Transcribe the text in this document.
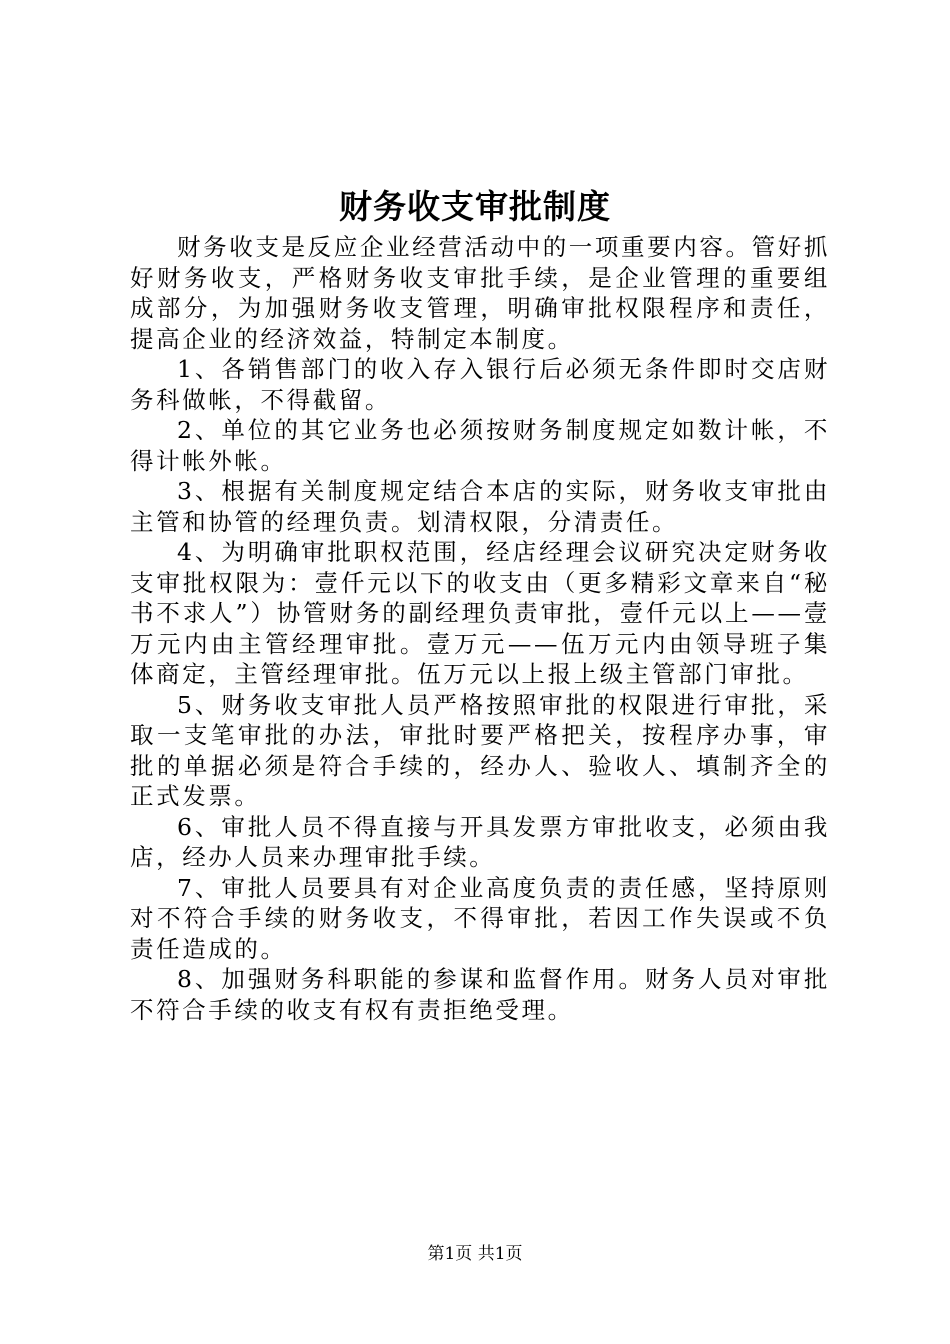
财务收支审批制度

财务收支是反应企业经营活动中的一项重要内容。管好抓好财务收支，严格财务收支审批手续，是企业管理的重要组成部分，为加强财务收支管理，明确审批权限程序和责任，提高企业的经济效益，特制定本制度。

1、各销售部门的收入存入银行后必须无条件即时交店财务科做帐，不得截留。

2、单位的其它业务也必须按财务制度规定如数计帐，不得计帐外帐。

3、根据有关制度规定结合本店的实际，财务收支审批由主管和协管的经理负责。划清权限，分清责任。

4、为明确审批职权范围，经店经理会议研究决定财务收支审批权限为：壹仟元以下的收支由（更多精彩文章来自“秘书不求人”）协管财务的副经理负责审批，壹仟元以上——壹万元内由主管经理审批。壹万元——伍万元内由领导班子集体商定，主管经理审批。伍万元以上报上级主管部门审批。

5、财务收支审批人员严格按照审批的权限进行审批，采取一支笔审批的办法，审批时要严格把关，按程序办事，审批的单据必须是符合手续的，经办人、验收人、填制齐全的正式发票。

6、审批人员不得直接与开具发票方审批收支，必须由我店，经办人员来办理审批手续。

7、审批人员要具有对企业高度负责的责任感，坚持原则对不符合手续的财务收支，不得审批，若因工作失误或不负责任造成的。

8、加强财务科职能的参谋和监督作用。财务人员对审批不符合手续的收支有权有责拒绝受理。

第1页 共1页
